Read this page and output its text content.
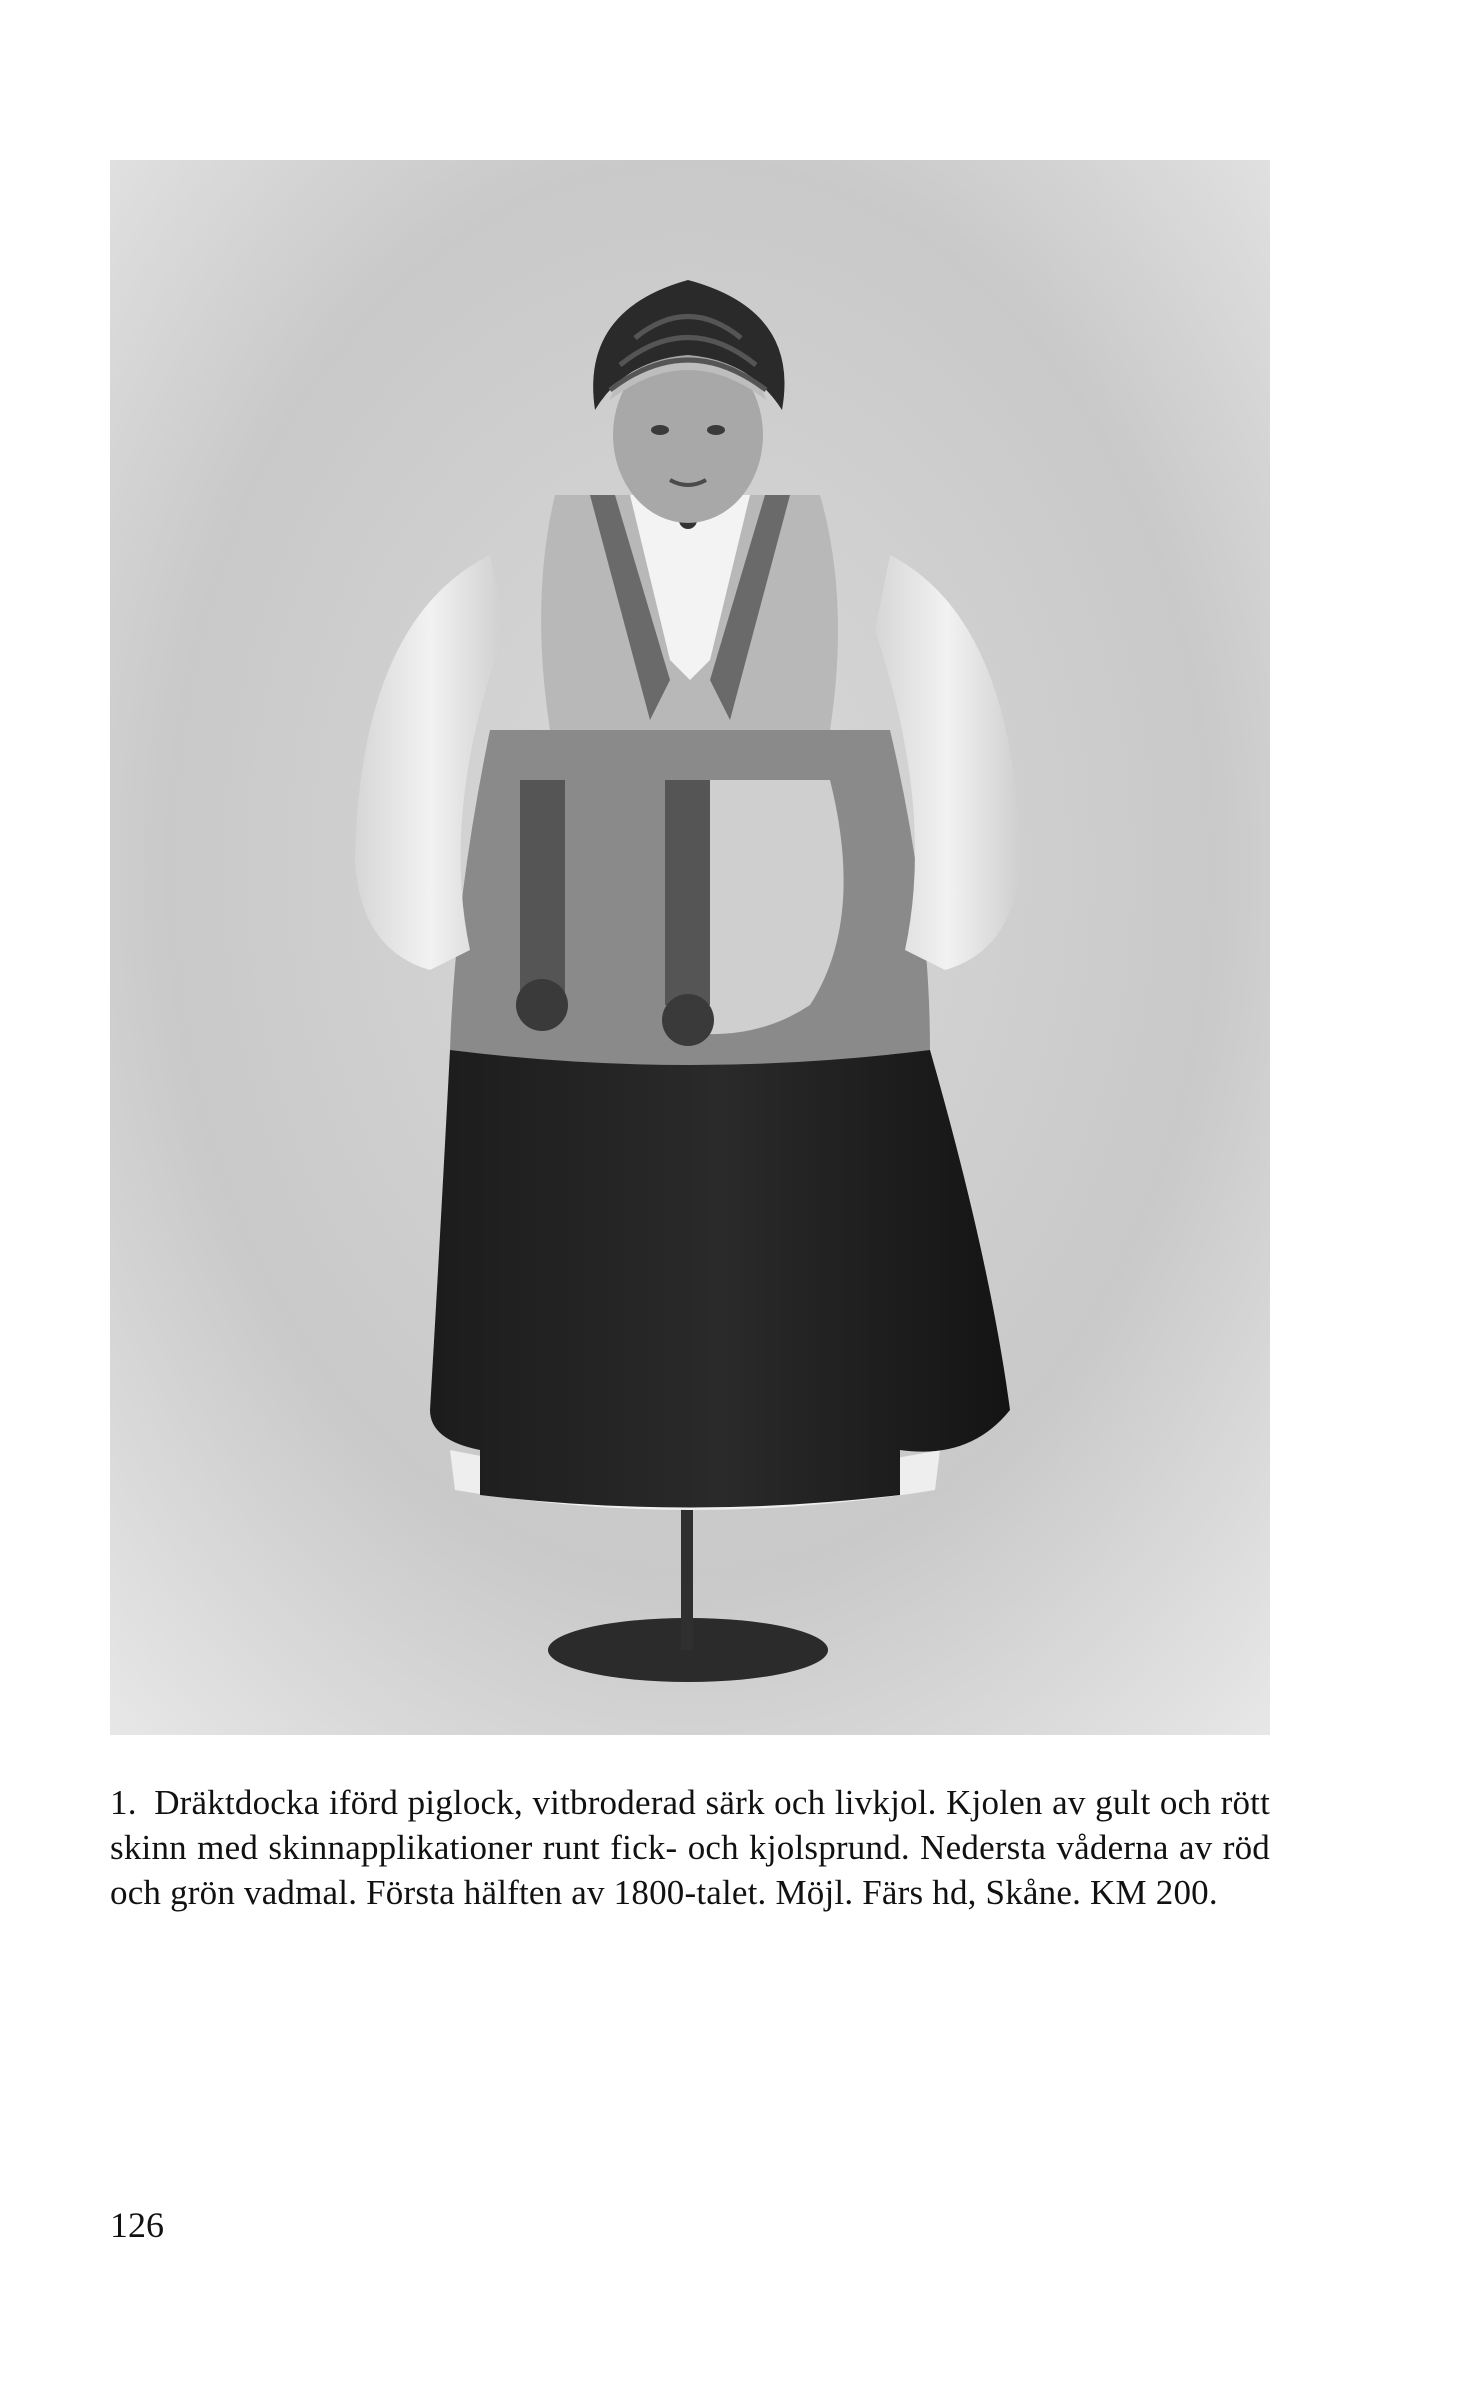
1. Dräktdocka iförd piglock, vitbroderad särk och livkjol. Kjolen av gult och rött skinn med skinnapplikationer runt fick- och kjolsprund. Nedersta våderna av röd och grön vadmal. Första hälften av 1800-talet. Möjl. Färs hd, Skåne. KM 200.
126
